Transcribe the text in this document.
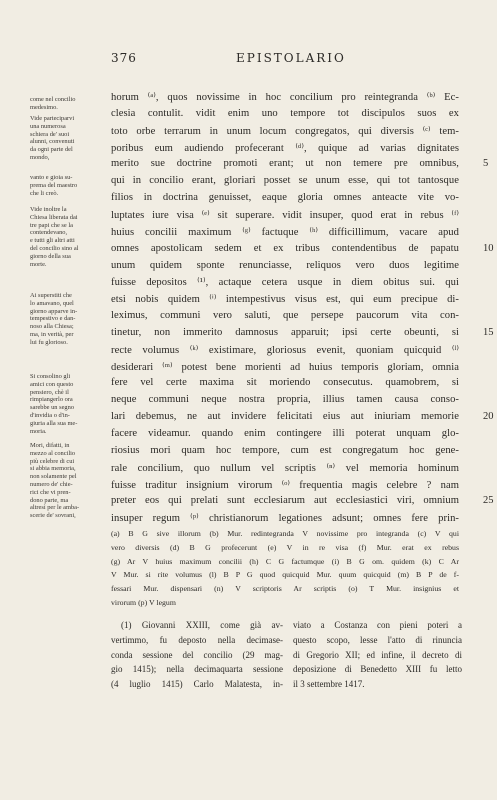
376	EPISTOLARIO
come nel concilio
medesimo.
Vide parteciparvi
una numerosa
schiera de' suoi
alunni, convenuti
da ogni parte del
mondo,
vanto e gioia su-
prema del maestro
che li creò.
Vide inoltre la
Chiesa liberata dai
tre papi che se la
contendevano,
e tutti gli altri atti
del concilio sino al
giorno della sua
morte.
Ai superstiti che
lo amavano, quel
giorno apparve in-
tempestivo e dan-
noso alla Chiesa;
ma, in verità, per
lui fu glorioso.
Si consolino gli
amici con questo
pensiero, chè il
rimpiangerlo ora
sarebbe un segno
d'invidia o d'in-
giuria alla sua me-
moria.
Mori, difatti, in
mezzo al concilio
più celebre di cui
si abbia memoria,
non solamente pel
numero de' chie-
rici che vi pren-
dono parte, ma
altresì per le amba-
scerie de' sovrani,
horum ⁽ᵃ⁾, quos novissime in hoc concilium pro reintegranda ⁽ᵇ⁾ Ec-
clesia contulit. vidit enim uno tempore tot discipulos suos ex
toto orbe terrarum in unum locum congregatos, qui diversis ⁽ᶜ⁾ tem-
poribus eum audiendo profecerant ⁽ᵈ⁾, quique ad varias dignitates
merito sue doctrine promoti erant; ut non temere pre omnibus, 5
qui in concilio erant, gloriari posset se unum esse, qui tot tantosque
filios in doctrina genuisset, eaque gloria omnes anteacte vite vo-
luptates iure visa ⁽ᵉ⁾ sit superare. vidit insuper, quod erat in rebus ⁽ᶠ⁾
huius concilii maximum ⁽ᵍ⁾ factuque ⁽ʰ⁾ difficillimum, vacare apud
omnes apostolicam sedem et ex tribus contendentibus de papatu 10
unum quidem sponte renunciasse, reliquos vero duos legitime
fuisse depositos ⁽¹⁾, actaque cetera usque in diem obitus sui. qui
etsi nobis quidem ⁽ⁱ⁾ intempestivus visus est, qui eum precipue di-
leximus, communi vero saluti, que persepe paucorum vita con-
tinetur, non immerito damnosus apparuit; ipsi certe obeunti, si 15
recte volumus ⁽ᵏ⁾ existimare, gloriosus evenit, quoniam quicquid ⁽ˡ⁾
desiderari ⁽ᵐ⁾ potest bene morienti ad huius temporis gloriam, omnia
fere vel certe maxima sit moriendo consecutus. quamobrem, si
neque communi neque nostra propria, illius tamen causa conso-
lari debemus, ne aut invidere felicitati eius aut iniuriam memorie 20
facere videamur. quando enim contingere illi poterat unquam glo-
riosius mori quam hoc tempore, cum est congregatum hoc gene-
rale concilium, quo nullum vel scriptis ⁽ⁿ⁾ vel memoria hominum
fuisse traditur insignium virorum ⁽ᵒ⁾ frequentia magis celebre ? nam
preter eos qui prelati sunt ecclesiarum aut ecclesiastici viri, omnium 25
insuper regum ⁽ᵖ⁾ christianorum legationes adsunt; omnes fere prin-
(a) B G sive illorum (b) Mur. redintegranda V novissime pro integranda (c) V qui
vero diversis (d) B G profecerunt (e) V in re visa (f) Mur. erat ex rebus
(g) Ar V huius maximum concilii (h) C G factumque (i) B G om. quidem (k) C Ar
V Mur. si rite volumus (l) B P G quod quicquid Mur. quum quicquid (m) B P de f-
fessari Mur. dispensari (n) V scriptoris Ar scriptis (o) T Mur. insignius et
virorum (p) V legum
(1) Giovanni XXIII, come già av-
vertimmo, fu deposto nella decimase-
conda sessione del concilio (29 mag-
gio 1415); nella decimaquarta sessione
(4 luglio 1415) Carlo Malatesta, in-
viato a Costanza con pieni poteri a
questo scopo, lesse l'atto di rinuncia
di Gregorio XII; ed infine, il decreto di
deposizione di Benedetto XIII fu letto
il 3 settembre 1417.
